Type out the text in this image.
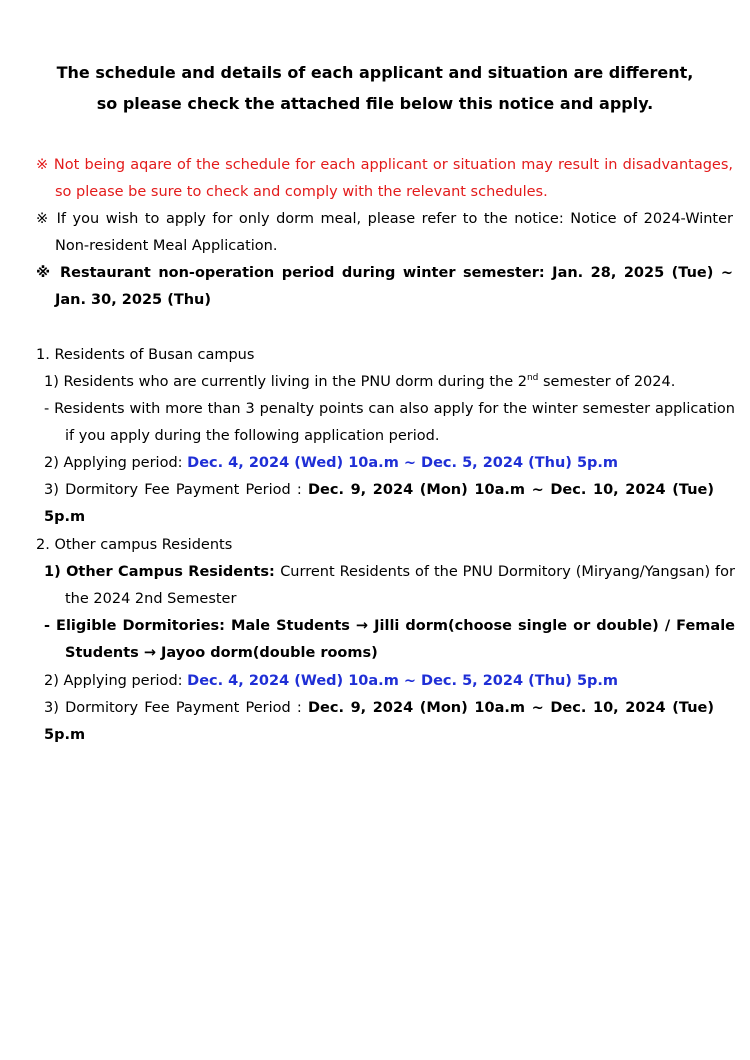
The schedule and details of each applicant and situation are different,
so please check the attached file below this notice and apply.
※ Not being aqare of the schedule for each applicant or situation may result in disadvantages, so please be sure to check and comply with the relevant schedules.
※ If you wish to apply for only dorm meal, please refer to the notice: Notice of 2024-Winter Non-resident Meal Application.
※ Restaurant non-operation period during winter semester: Jan. 28, 2025 (Tue) ~ Jan. 30, 2025 (Thu)
1. Residents of Busan campus
1) Residents who are currently living in the PNU dorm during the 2nd semester of 2024.
- Residents with more than 3 penalty points can also apply for the winter semester application if you apply during the following application period.
2) Applying period: Dec. 4, 2024 (Wed) 10a.m ~ Dec. 5, 2024 (Thu) 5p.m
3) Dormitory Fee Payment Period : Dec. 9, 2024 (Mon) 10a.m ~ Dec. 10, 2024 (Tue) 5p.m
2. Other campus Residents
1) Other Campus Residents: Current Residents of the PNU Dormitory (Miryang/Yangsan) for the 2024 2nd Semester
- Eligible Dormitories: Male Students → Jilli dorm(choose single or double) / Female Students → Jayoo dorm(double rooms)
2) Applying period: Dec. 4, 2024 (Wed) 10a.m ~ Dec. 5, 2024 (Thu) 5p.m
3) Dormitory Fee Payment Period : Dec. 9, 2024 (Mon) 10a.m ~ Dec. 10, 2024 (Tue) 5p.m
